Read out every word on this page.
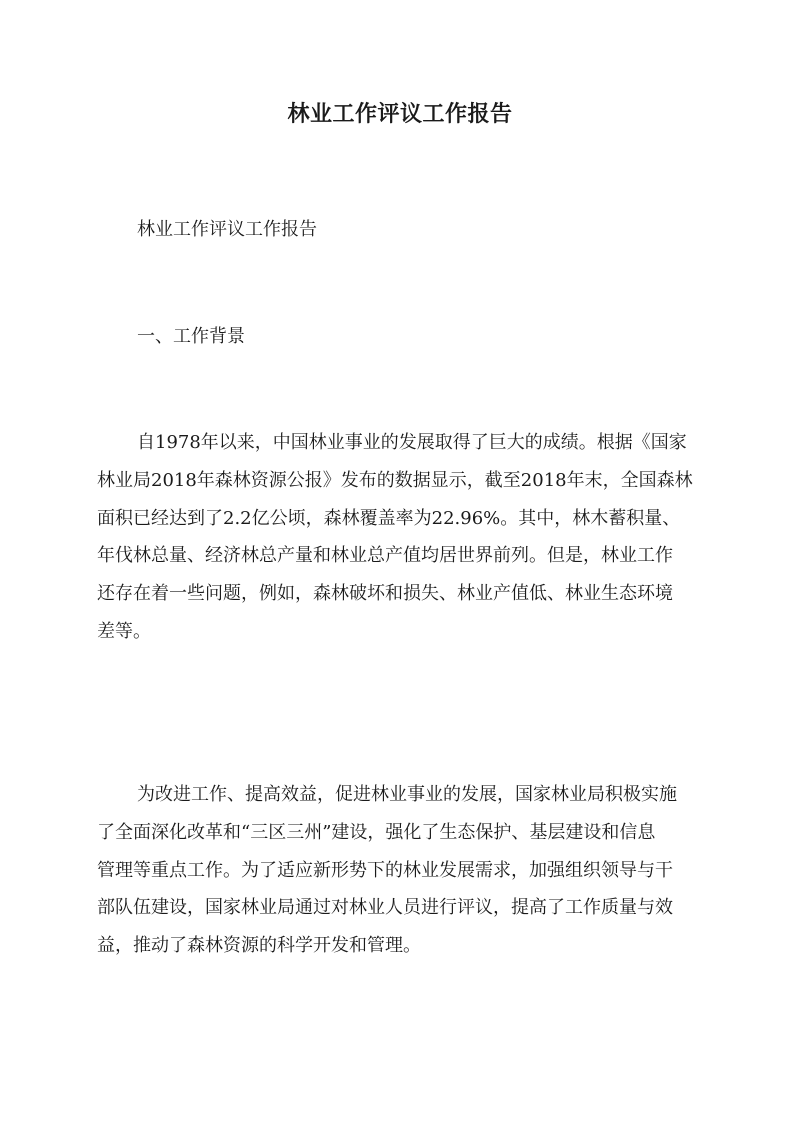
林业工作评议工作报告

林业工作评议工作报告

一、工作背景

自1978年以来，中国林业事业的发展取得了巨大的成绩。根据《国家
林业局2018年森林资源公报》发布的数据显示，截至2018年末，全国森林
面积已经达到了2.2亿公顷，森林覆盖率为22.96%。其中，林木蓄积量、
年伐林总量、经济林总产量和林业总产值均居世界前列。但是，林业工作
还存在着一些问题，例如，森林破坏和损失、林业产值低、林业生态环境
差等。

为改进工作、提高效益，促进林业事业的发展，国家林业局积极实施
了全面深化改革和“三区三州”建设，强化了生态保护、基层建设和信息
管理等重点工作。为了适应新形势下的林业发展需求，加强组织领导与干
部队伍建设，国家林业局通过对林业人员进行评议，提高了工作质量与效
益，推动了森林资源的科学开发和管理。
